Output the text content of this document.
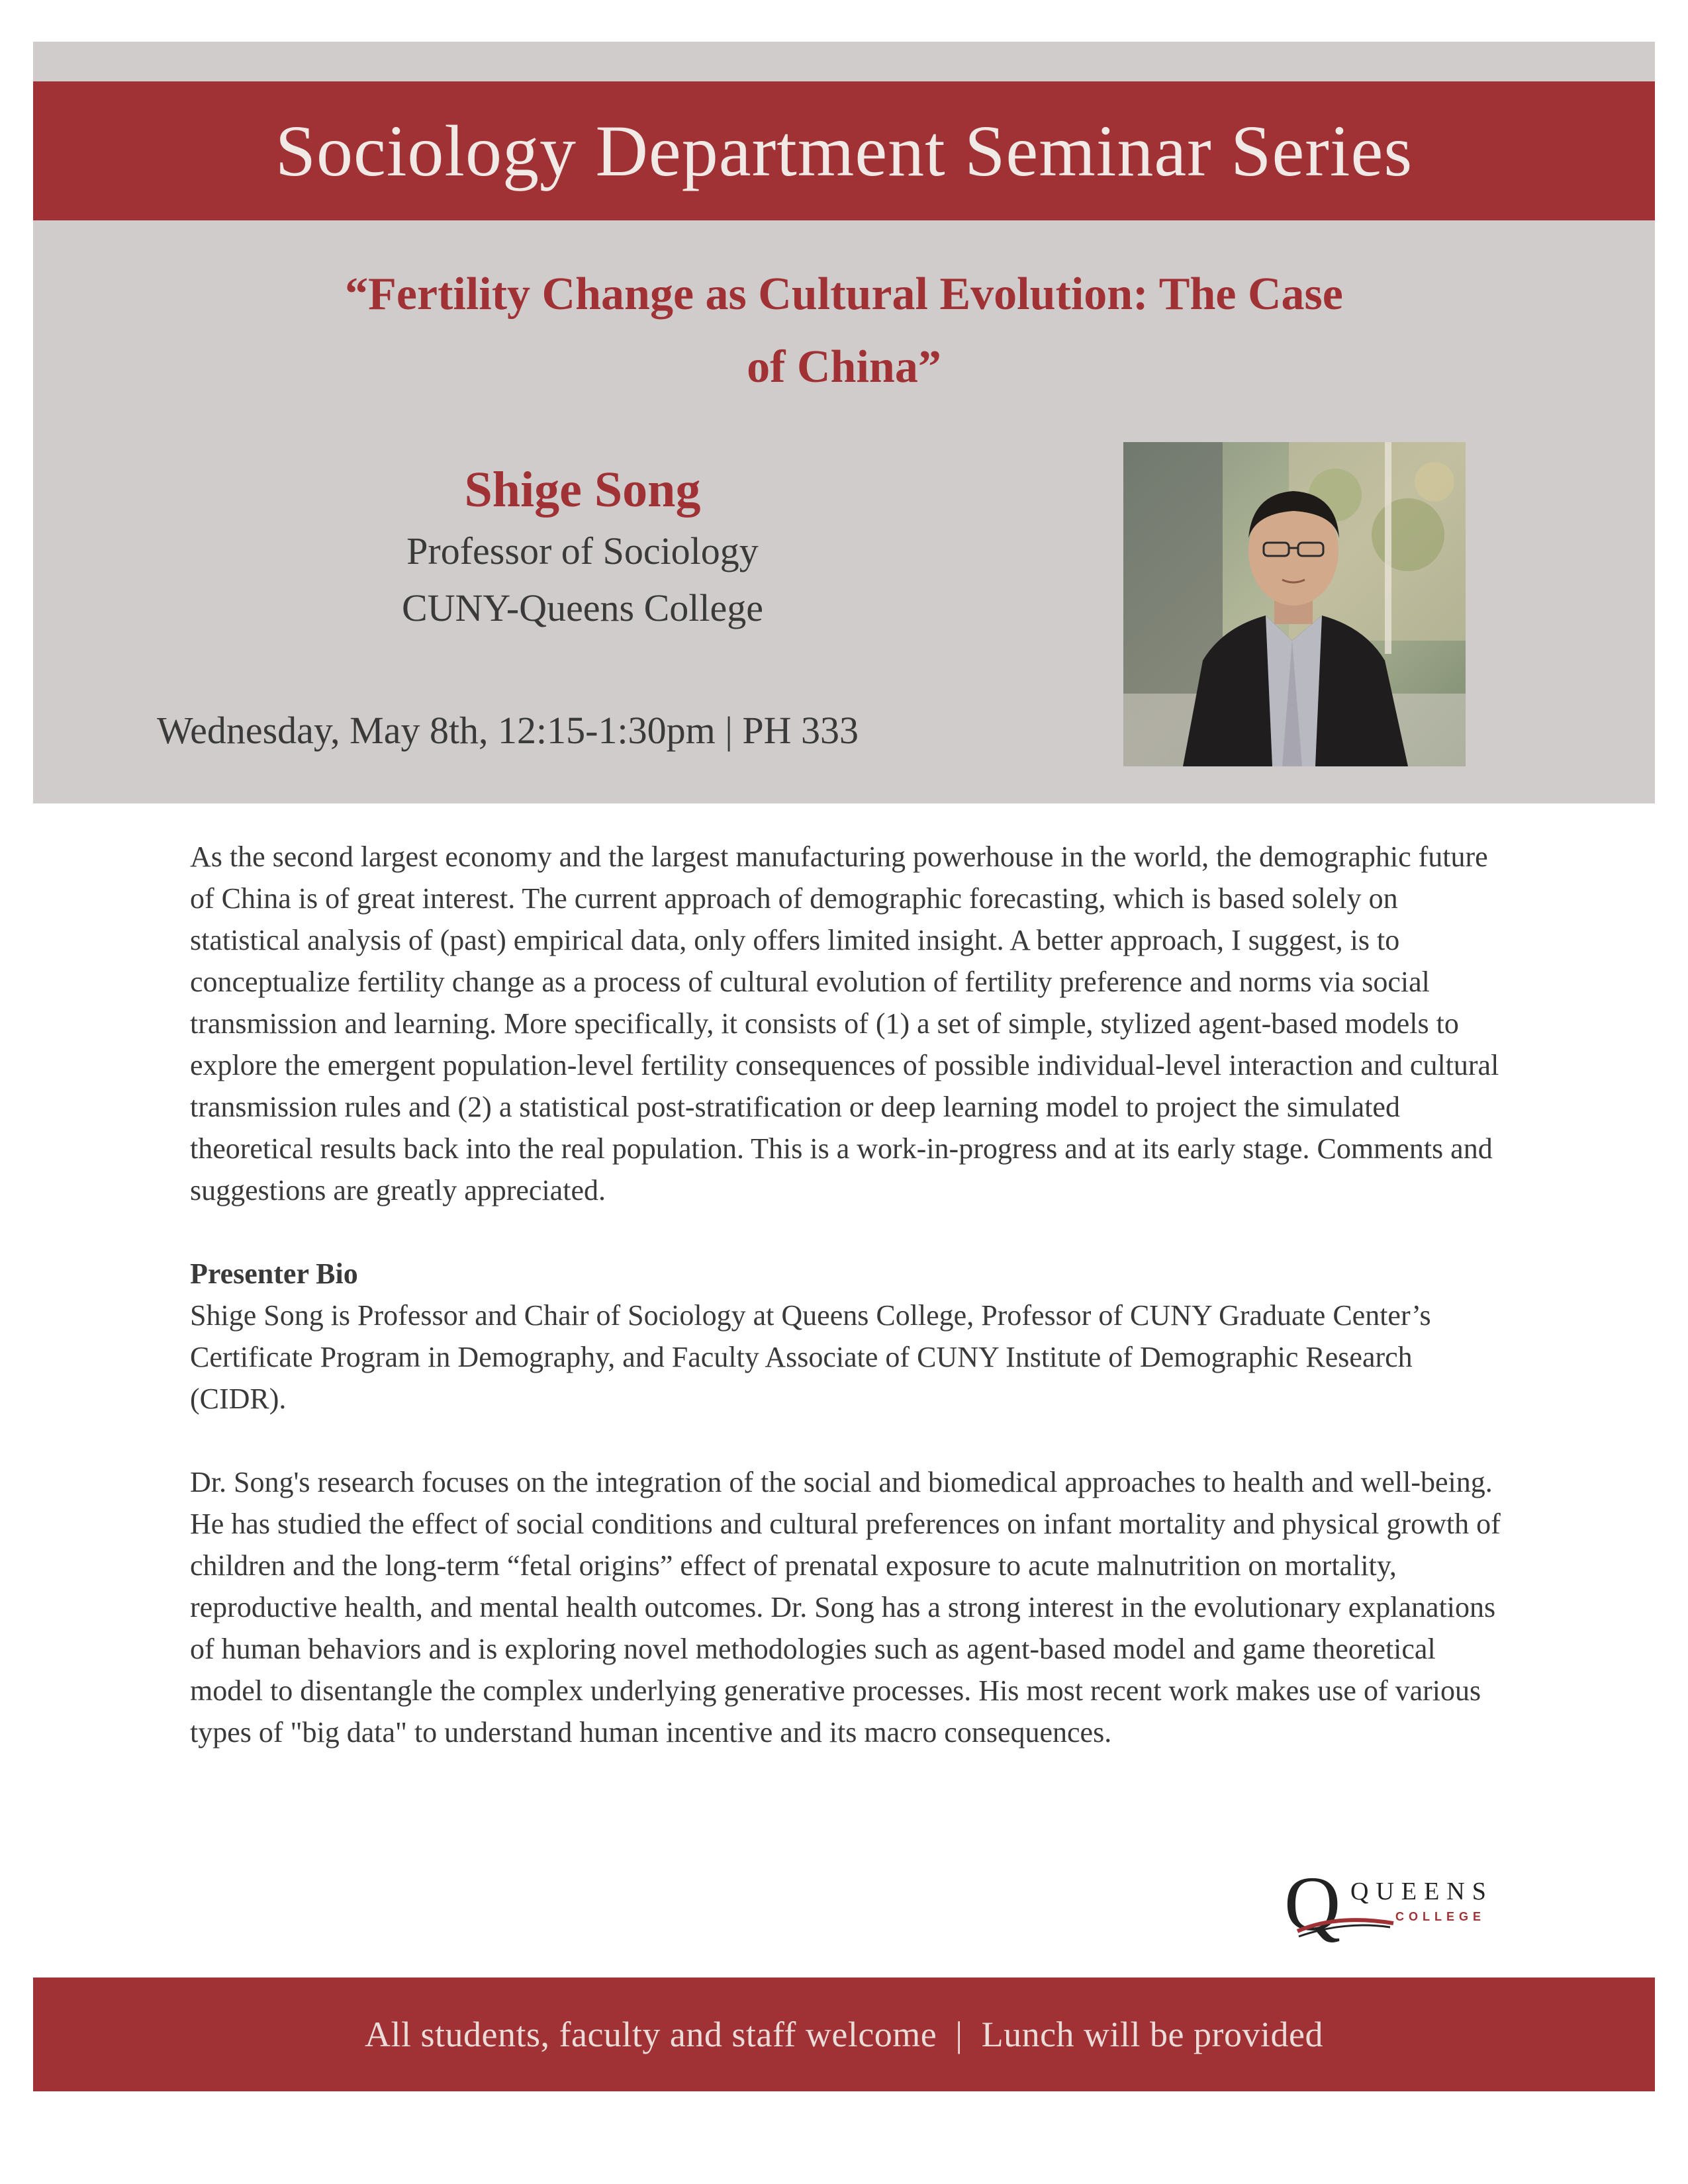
Sociology Department Seminar Series
“Fertility Change as Cultural Evolution: The Case
of China”
Shige Song
Professor of Sociology
CUNY-Queens College
Wednesday, May 8th, 12:15-1:30pm | PH 333

As the second largest economy and the largest manufacturing powerhouse in the world, the demographic future of China is of great interest. The current approach of demographic forecasting, which is based solely on statistical analysis of (past) empirical data, only offers limited insight. A better approach, I suggest, is to conceptualize fertility change as a process of cultural evolution of fertility preference and norms via social transmission and learning. More specifically, it consists of (1) a set of simple, stylized agent-based models to explore the emergent population-level fertility consequences of possible individual-level interaction and cultural transmission rules and (2) a statistical post-stratification or deep learning model to project the simulated theoretical results back into the real population. This is a work-in-progress and at its early stage. Comments and suggestions are greatly appreciated.

Presenter Bio

Shige Song is Professor and Chair of Sociology at Queens College, Professor of CUNY Graduate Center’s Certificate Program in Demography, and Faculty Associate of CUNY Institute of Demographic Research (CIDR).

Dr. Song's research focuses on the integration of the social and biomedical approaches to health and well-being. He has studied the effect of social conditions and cultural preferences on infant mortality and physical growth of children and the long-term “fetal origins” effect of prenatal exposure to acute malnutrition on mortality, reproductive health, and mental health outcomes. Dr. Song has a strong interest in the evolutionary explanations of human behaviors and is exploring novel methodologies such as agent-based model and game theoretical model to disentangle the complex underlying generative processes. His most recent work makes use of various types of "big data" to understand human incentive and its macro consequences.

Q QUEENS
COLLEGE
All students, faculty and staff welcome | Lunch will be provided
